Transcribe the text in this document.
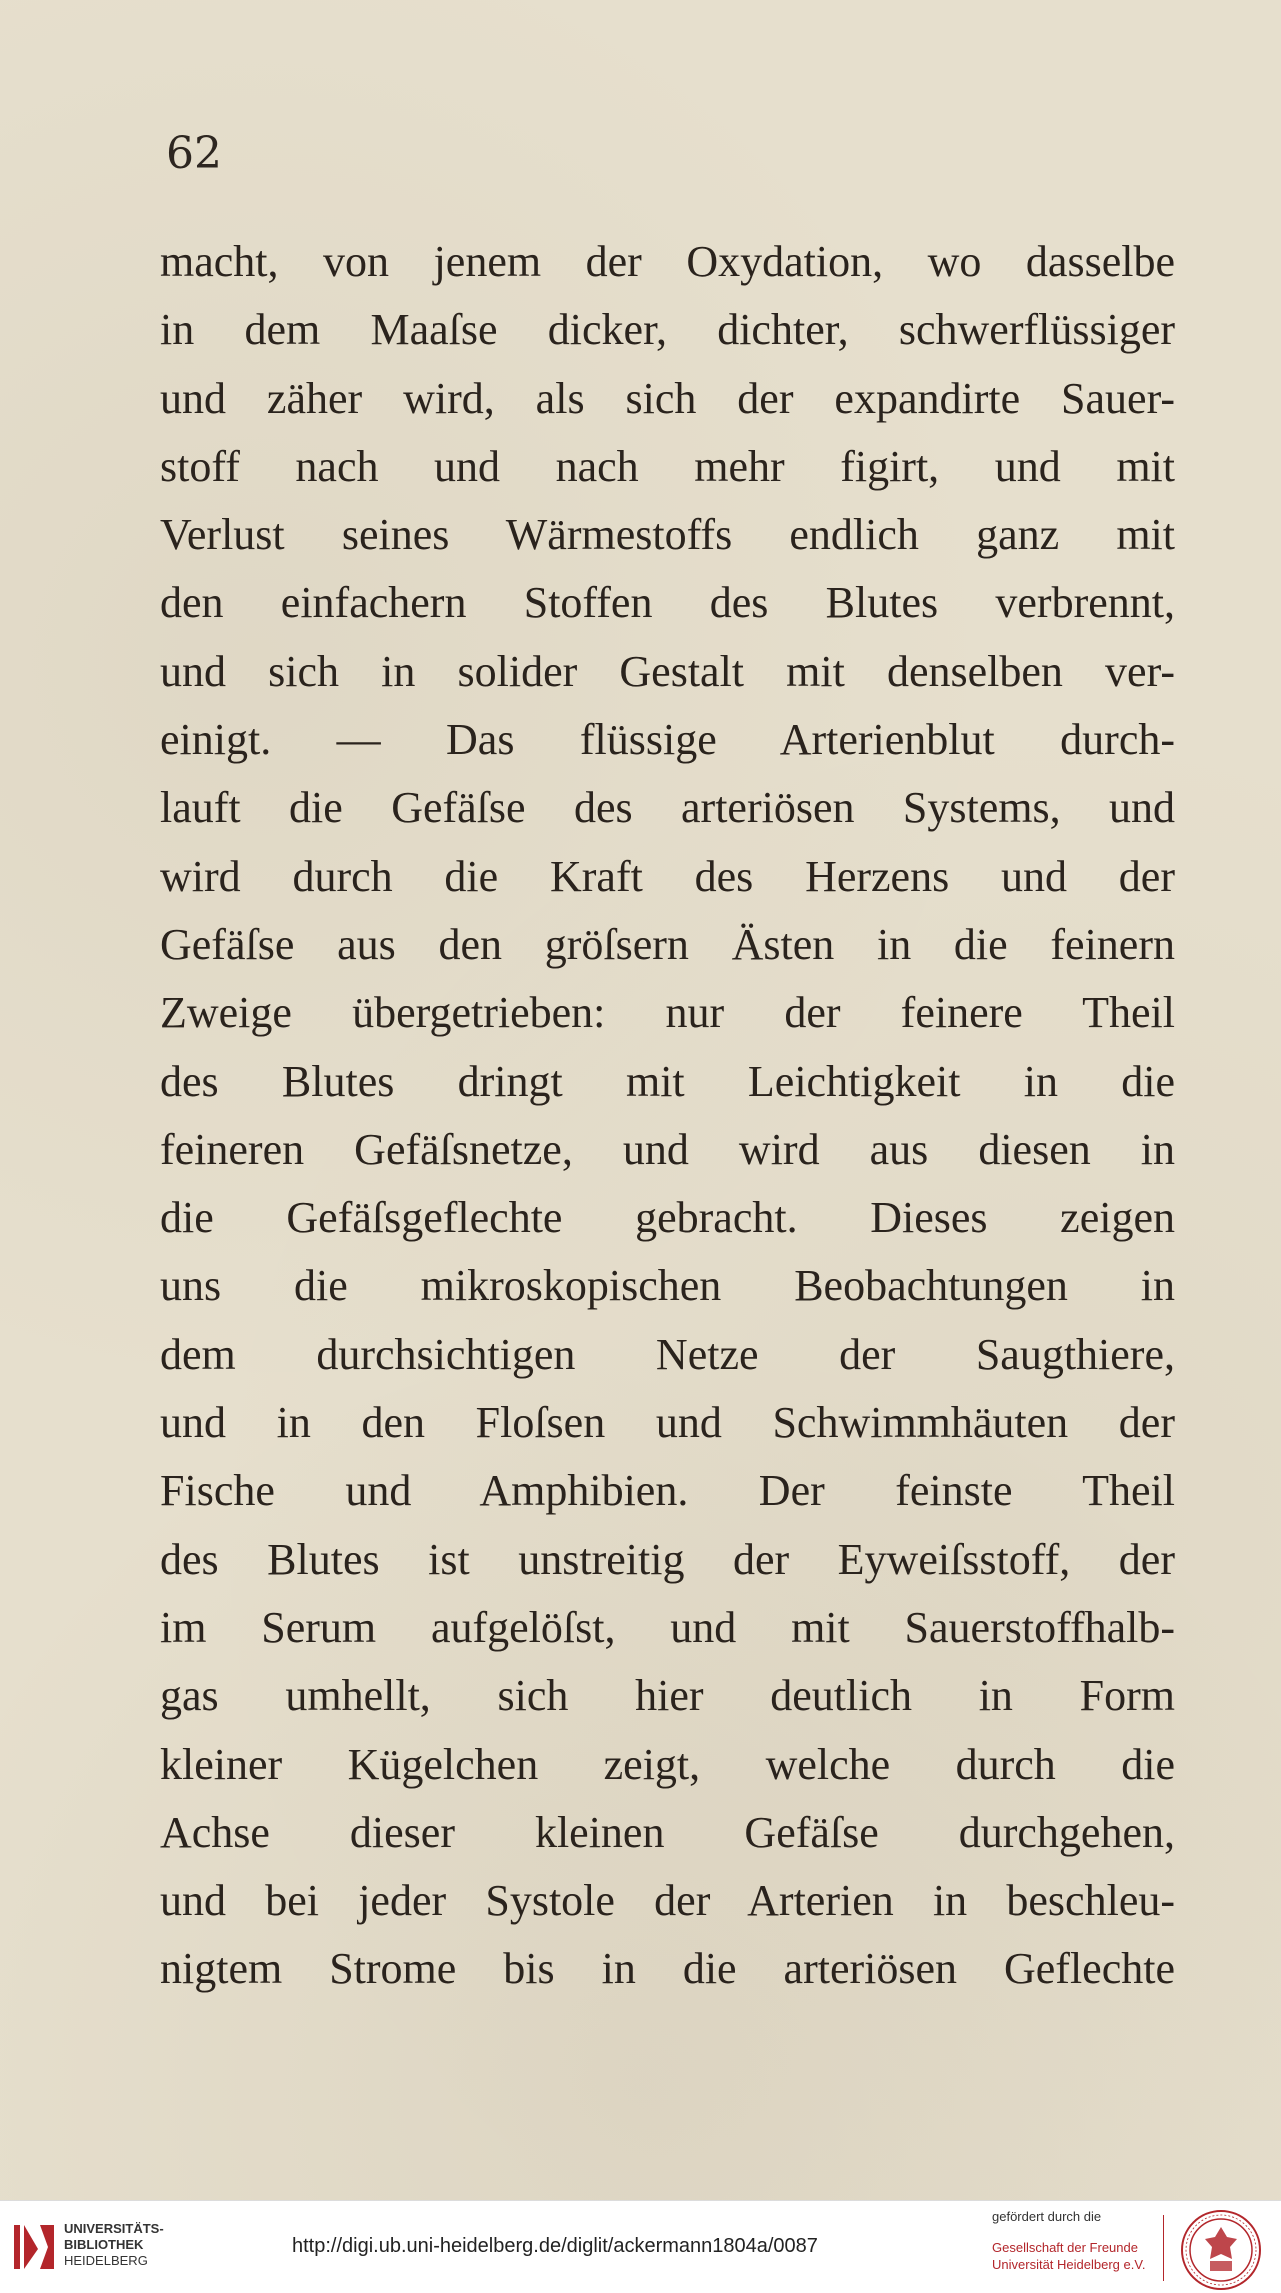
62
macht, von jenem der Oxydation, wo dasselbe
in dem Maaſse dicker, dichter, schwerflüssiger
und zäher wird, als sich der expandirte Sauer-
stoff nach und nach mehr figirt, und mit
Verlust seines Wärmestoffs endlich ganz mit
den einfachern Stoffen des Blutes verbrennt,
und sich in solider Gestalt mit denselben ver-
einigt. — Das flüssige Arterienblut durch-
lauft die Gefäſse des arteriösen Systems, und
wird durch die Kraft des Herzens und der
Gefäſse aus den gröſsern Ästen in die feinern
Zweige übergetrieben: nur der feinere Theil
des Blutes dringt mit Leichtigkeit in die
feineren Gefäſsnetze, und wird aus diesen in
die Gefäſsgeflechte gebracht. Dieses zeigen
uns die mikroskopischen Beobachtungen in
dem durchsichtigen Netze der Saugthiere,
und in den Floſsen und Schwimmhäuten der
Fische und Amphibien. Der feinste Theil
des Blutes ist unstreitig der Eyweiſsstoff, der
im Serum aufgelöſst, und mit Sauerstoffhalb-
gas umhellt, sich hier deutlich in Form
kleiner Kügelchen zeigt, welche durch die
Achse dieser kleinen Gefäſse durchgehen,
und bei jeder Systole der Arterien in beschleu-
nigtem Strome bis in die arteriösen Geflechte
UNIVERSITÄTS-
BIBLIOTHEK
HEIDELBERG
http://digi.ub.uni-heidelberg.de/diglit/ackermann1804a/0087
gefördert durch die
Gesellschaft der Freunde
Universität Heidelberg e.V.
